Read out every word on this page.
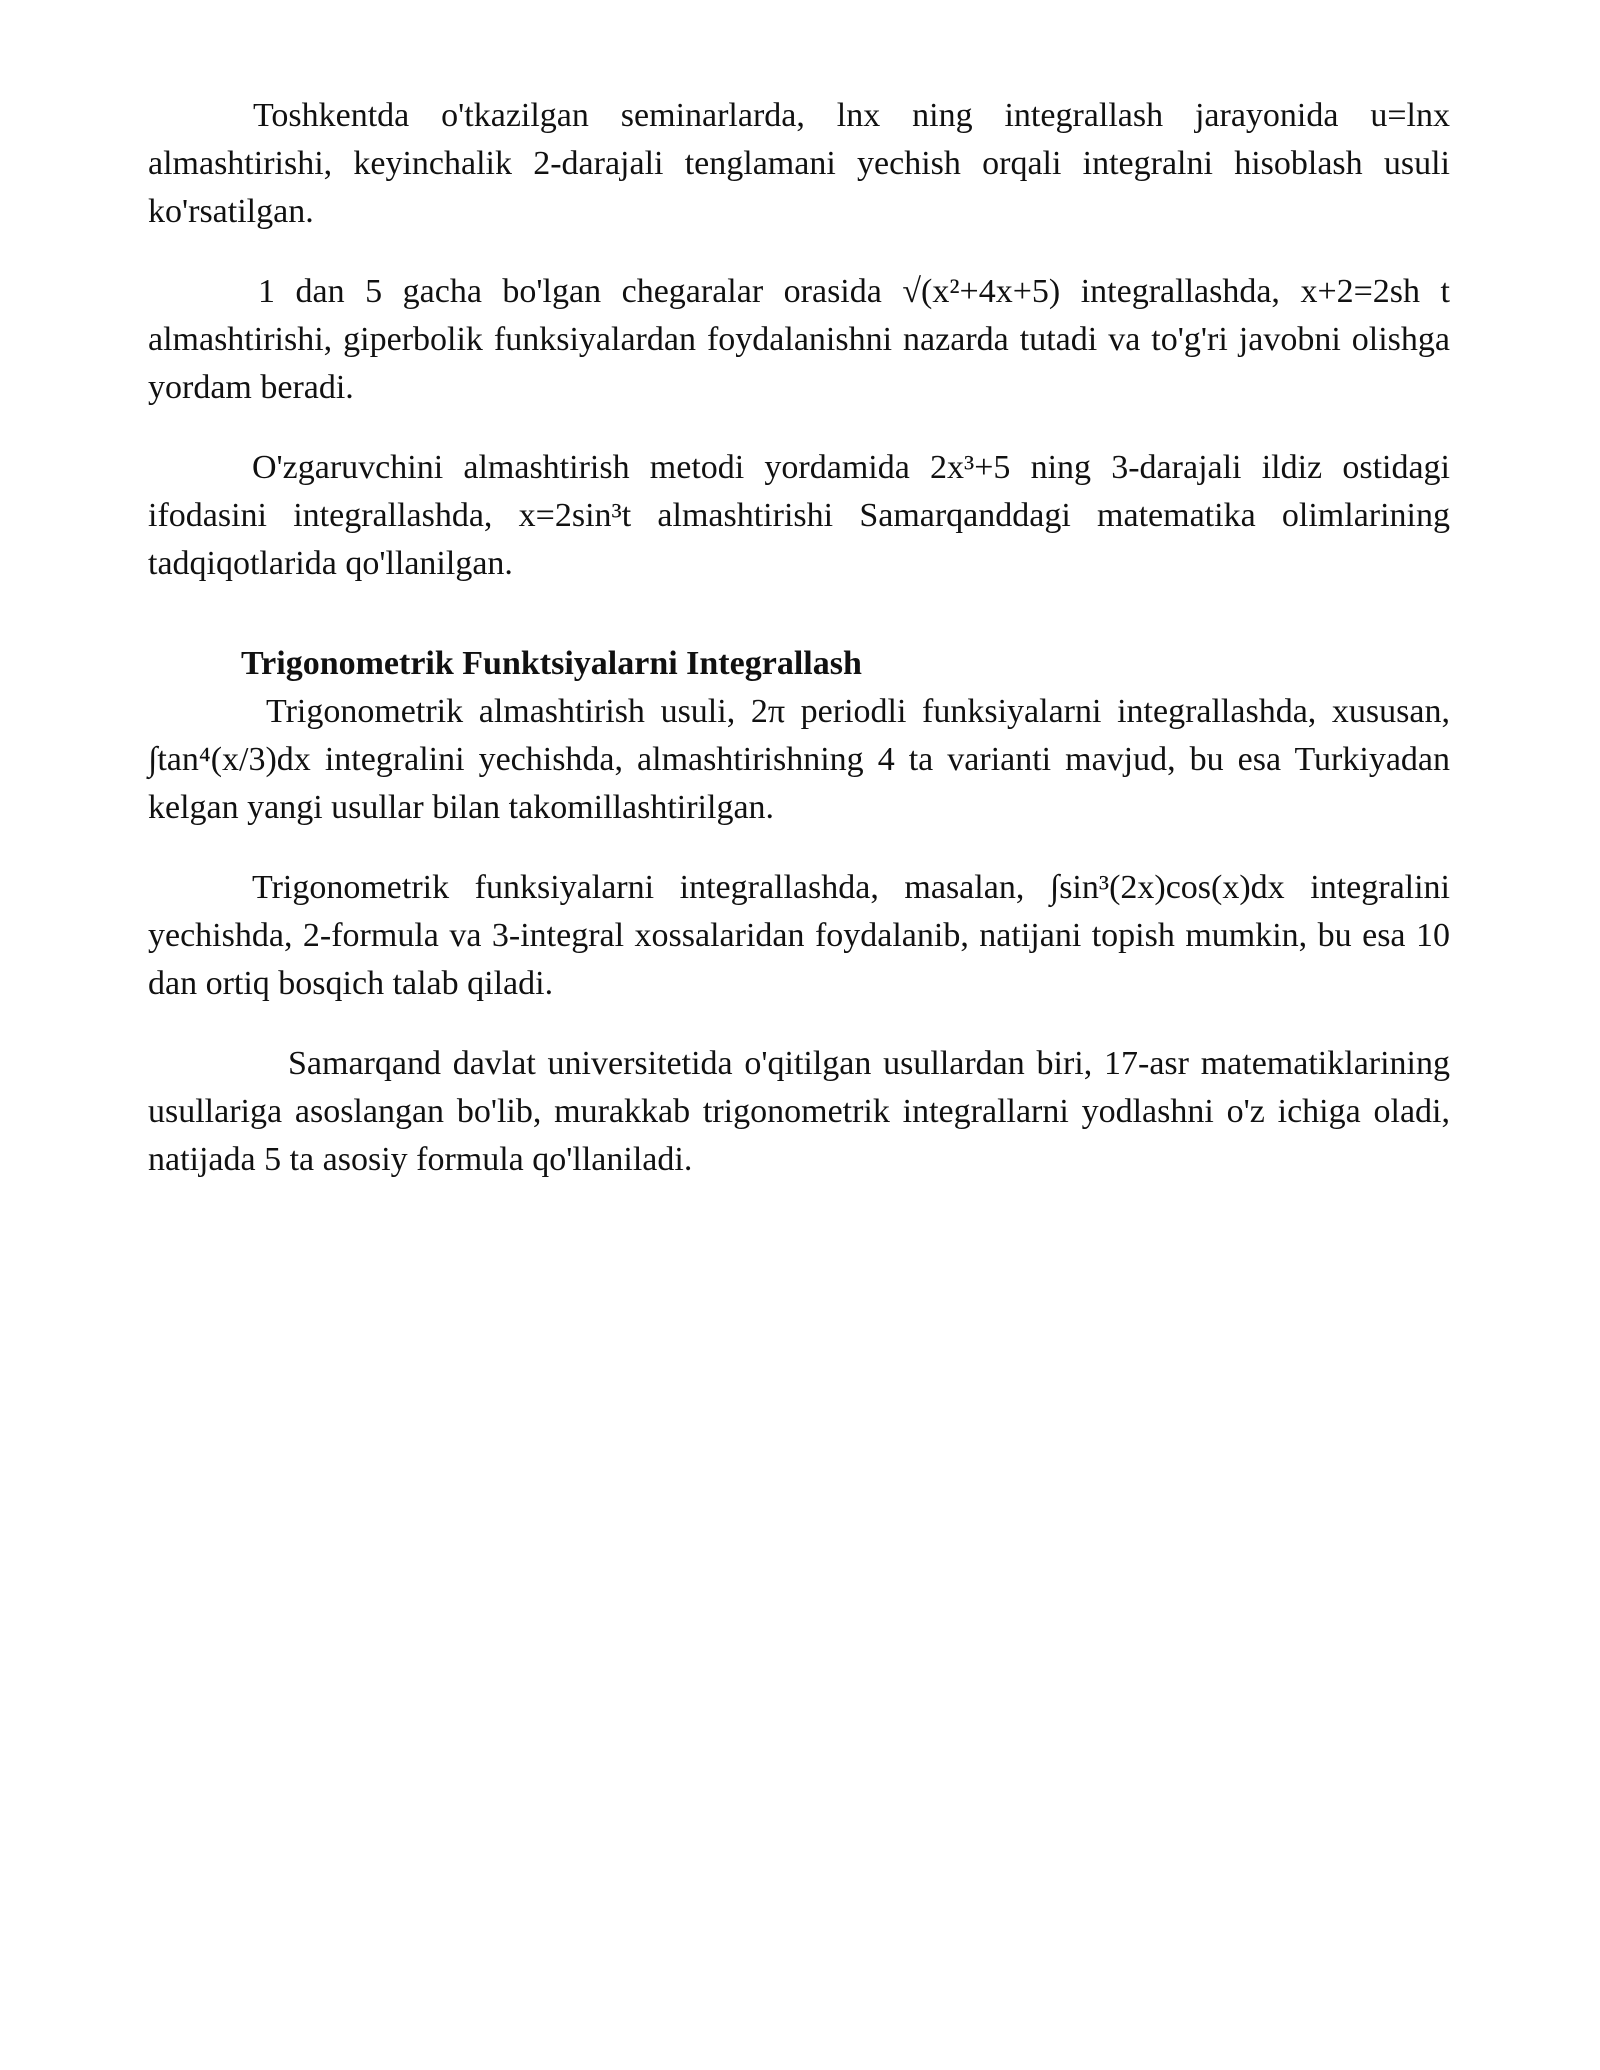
Toshkentda o'tkazilgan seminarlarda, lnx ning integrallash jarayonida u=lnx almashtirishi, keyinchalik 2-darajali tenglamani yechish orqali integralni hisoblash usuli ko'rsatilgan.

1 dan 5 gacha bo'lgan chegaralar orasida √(x²+4x+5) integrallashda, x+2=2sh t almashtirishi, giperbolik funksiyalardan foydalanishni nazarda tutadi va to'g'ri javobni olishga yordam beradi.

O'zgaruvchini almashtirish metodi yordamida 2x³+5 ning 3-darajali ildiz ostidagi ifodasini integrallashda, x=2sin³t almashtirishi Samarqanddagi matematika olimlarining tadqiqotlarida qo'llanilgan.

Trigonometrik Funktsiyalarni Integrallash

Trigonometrik almashtirish usuli, 2π periodli funksiyalarni integrallashda, xususan, ∫tan⁴(x/3)dx integralini yechishda, almashtirishning 4 ta varianti mavjud, bu esa Turkiyadan kelgan yangi usullar bilan takomillashtirilgan.

Trigonometrik funksiyalarni integrallashda, masalan, ∫sin³(2x)cos(x)dx integralini yechishda, 2-formula va 3-integral xossalaridan foydalanib, natijani topish mumkin, bu esa 10 dan ortiq bosqich talab qiladi.

Samarqand davlat universitetida o'qitilgan usullardan biri, 17-asr matematiklarining usullariga asoslangan bo'lib, murakkab trigonometrik integrallarni yodlashni o'z ichiga oladi, natijada 5 ta asosiy formula qo'llaniladi.
